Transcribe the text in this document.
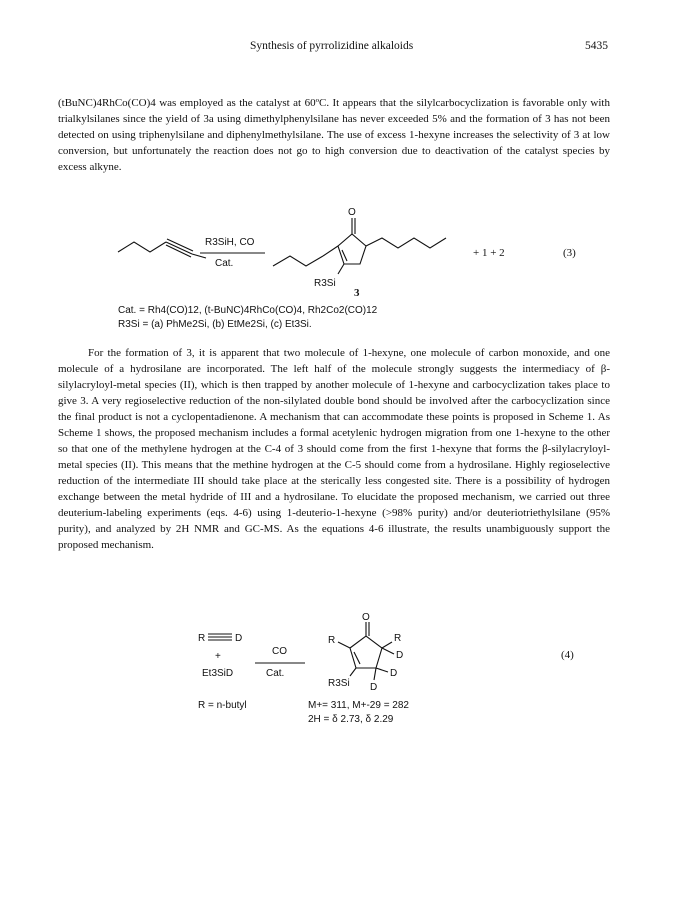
Synthesis of pyrrolizidine alkaloids	5435

(tBuNC)4RhCo(CO)4 was employed as the catalyst at 60ºC. It appears that the silylcarbocyclization is favorable only with trialkylsilanes since the yield of 3a using dimethylphenylsilane has never exceeded 5% and the formation of 3 has not been detected on using triphenylsilane and diphenylmethylsilane. The use of excess 1-hexyne increases the selectivity of 3 at low conversion, but unfortunately the reaction does not go to high conversion due to deactivation of the catalyst species by excess alkyne.

R3SiH, CO
Cat.
O
R3Si
3
+ 1 + 2	(3)
Cat. = Rh4(CO)12, (t-BuNC)4RhCo(CO)4, Rh2Co2(CO)12
R3Si = (a) PhMe2Si, (b) EtMe2Si, (c) Et3Si.

For the formation of 3, it is apparent that two molecule of 1-hexyne, one molecule of carbon monoxide, and one molecule of a hydrosilane are incorporated. The left half of the molecule strongly suggests the intermediacy of β-silylacryloyl-metal species (II), which is then trapped by another molecule of 1-hexyne and carbocyclization takes place to give 3. A very regioselective reduction of the non-silylated double bond should be involved after the carbocyclization since the final product is not a cyclopentadienone. A mechanism that can accommodate these points is proposed in Scheme 1. As Scheme 1 shows, the proposed mechanism includes a formal acetylenic hydrogen migration from one 1-hexyne to the other so that one of the methylene hydrogen at the C-4 of 3 should come from the first 1-hexyne that forms the β-silylacryloyl-metal species (II). This means that the methine hydrogen at the C-5 should come from a hydrosilane. Highly regioselective reduction of the intermediate III should take place at the sterically less congested site. There is a possibility of hydrogen exchange between the metal hydride of III and a hydrosilane. To elucidate the proposed mechanism, we carried out three deuterium-labeling experiments (eqs. 4-6) using 1-deuterio-1-hexyne (>98% purity) and/or deuteriotriethylsilane (95% purity), and analyzed by 2H NMR and GC-MS. As the equations 4-6 illustrate, the results unambiguously support the proposed mechanism.

R	D
+
Et3SiD
CO
Cat.
O
R	R
D
D
D
R3Si
(4)
R = n-butyl	M+= 311, M+-29 = 282
2H = δ 2.73, δ 2.29
